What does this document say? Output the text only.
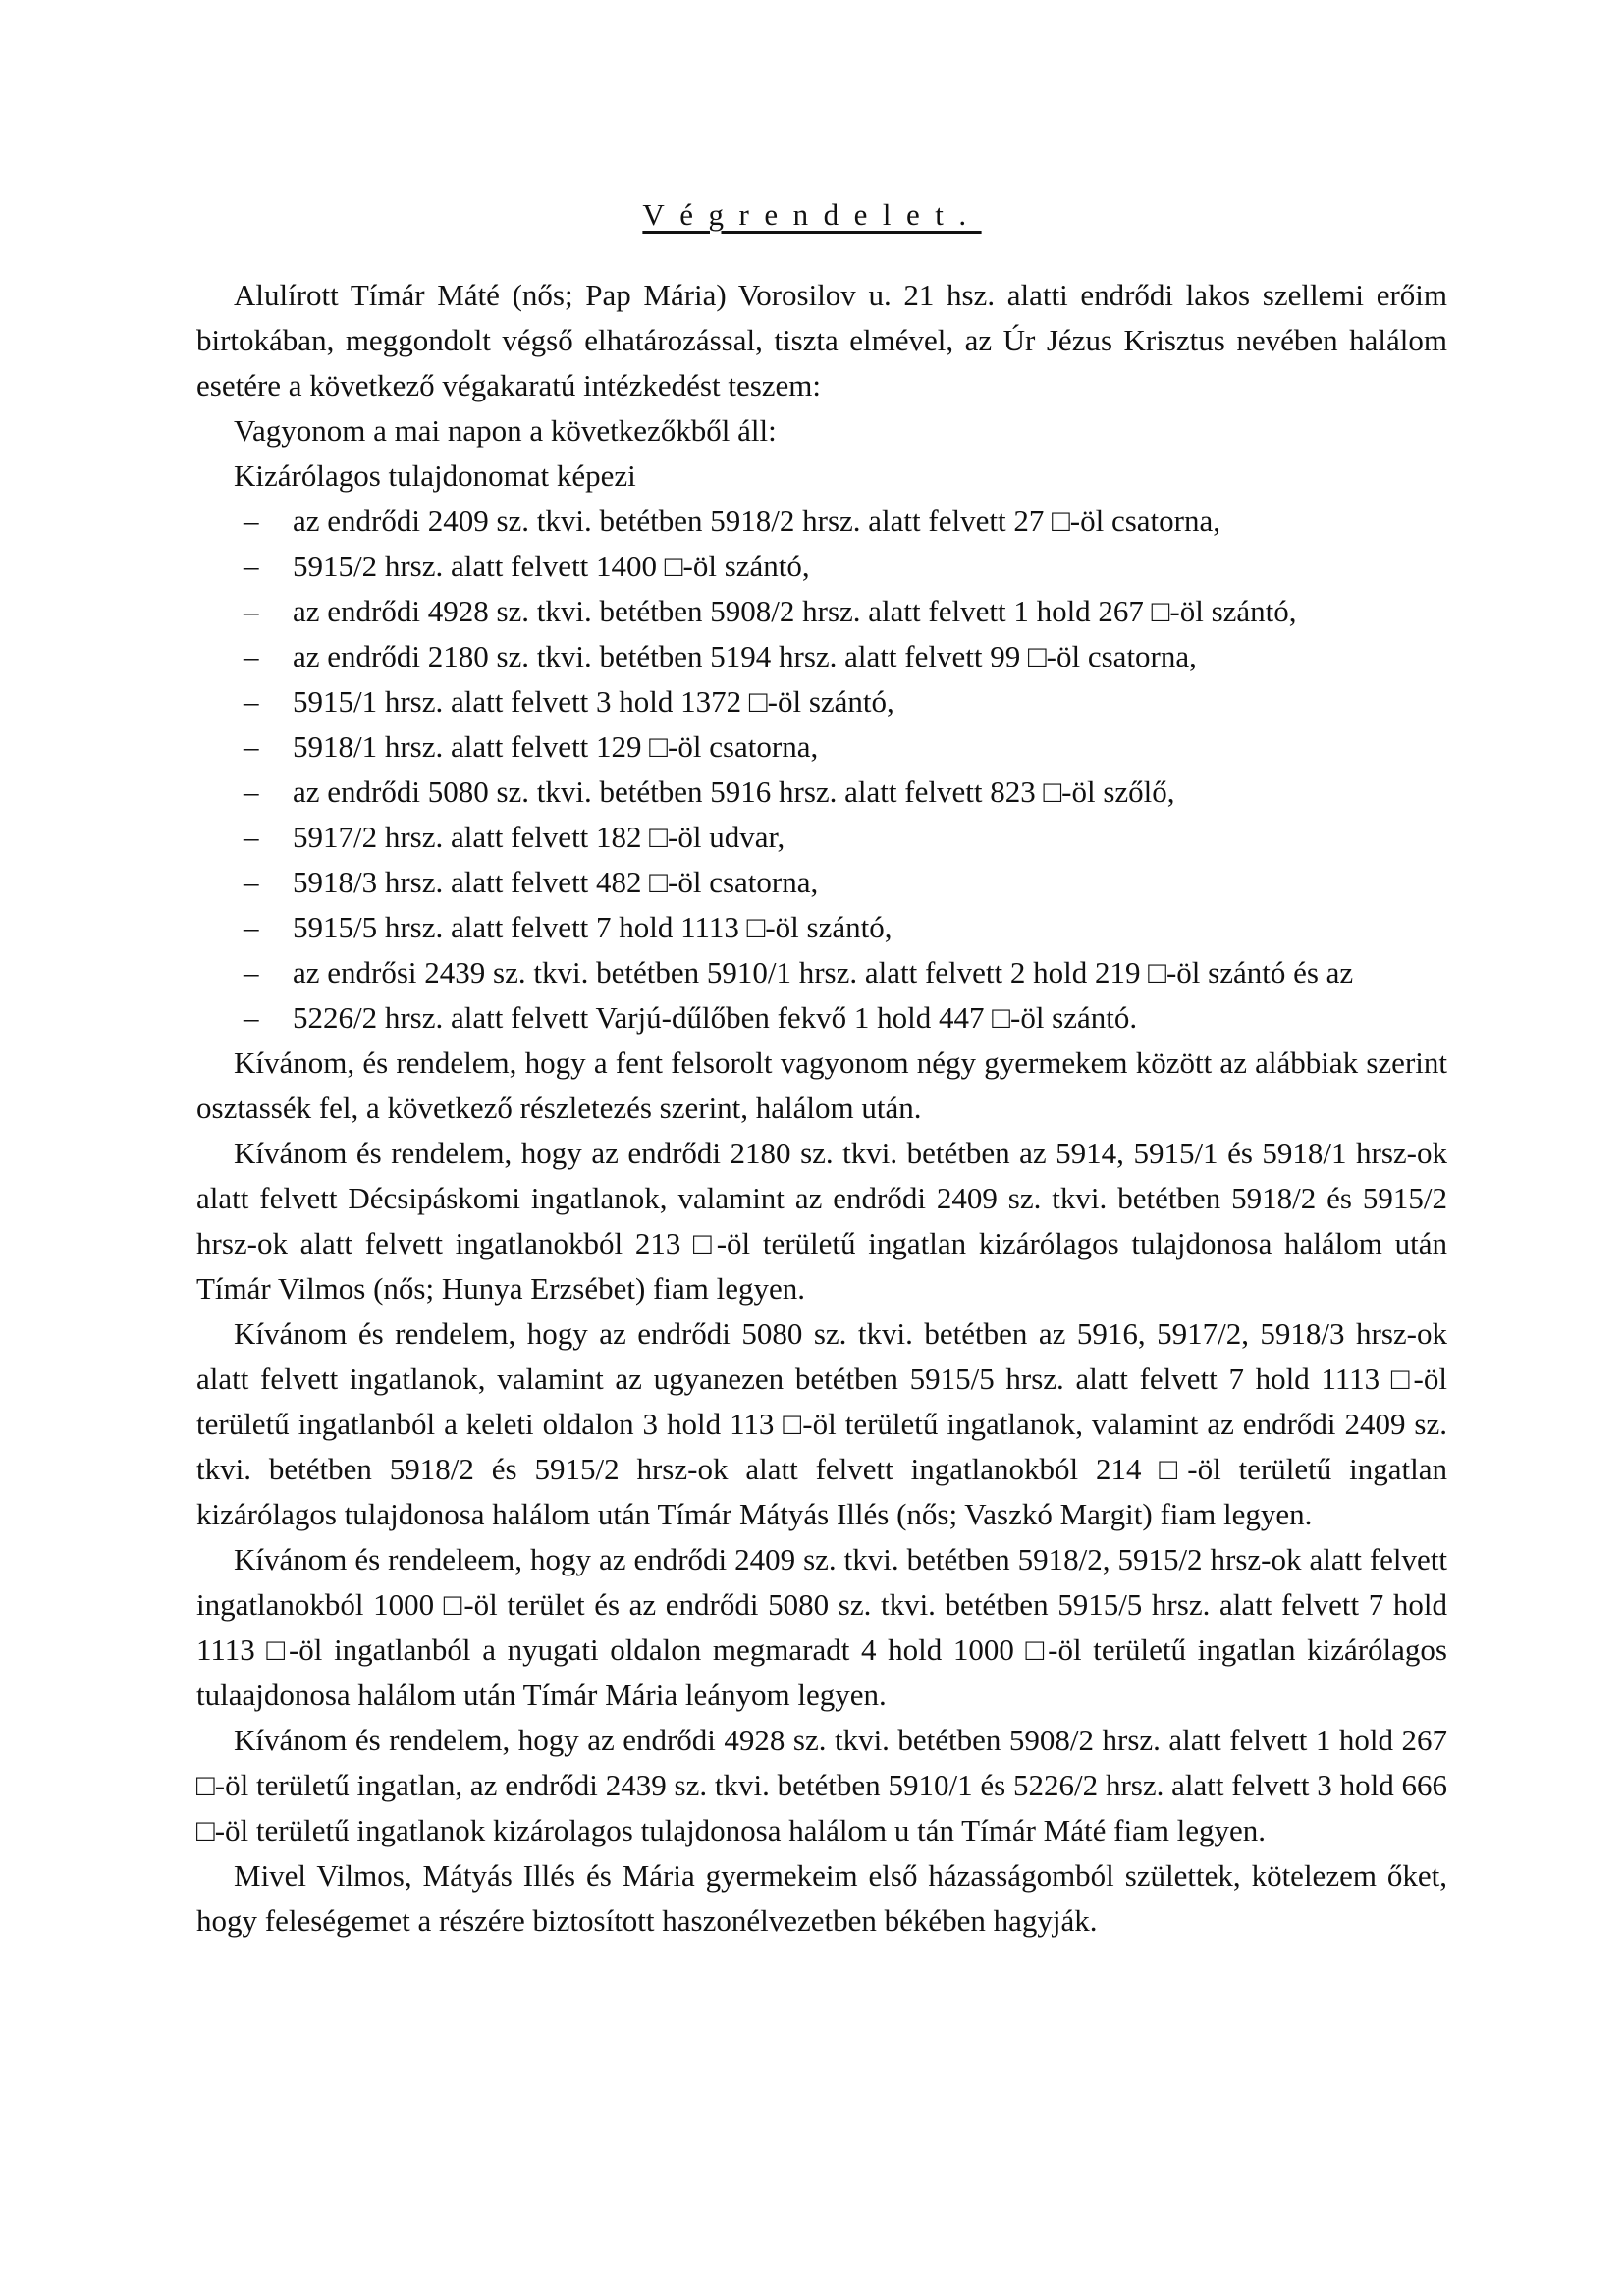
Végrendelet.

Alulírott Tímár Máté (nős; Pap Mária) Vorosilov u. 21 hsz. alatti endrődi lakos szellemi erőim birtokában, meggondolt végső elhatározással, tiszta elmével, az Úr Jézus Krisztus nevében halálom esetére a következő végakaratú intézkedést teszem:

Vagyonom a mai napon a következőkből áll:

Kizárólagos tulajdonomat képezi

– az endrődi 2409 sz. tkvi. betétben 5918/2 hrsz. alatt felvett 27 □-öl csatorna,
– 5915/2 hrsz. alatt felvett 1400 □-öl szántó,
– az endrődi 4928 sz. tkvi. betétben 5908/2 hrsz. alatt felvett 1 hold 267 □-öl szántó,
– az endrődi 2180 sz. tkvi. betétben 5194 hrsz. alatt felvett 99 □-öl csatorna,
– 5915/1 hrsz. alatt felvett 3 hold 1372 □-öl szántó,
– 5918/1 hrsz. alatt felvett 129 □-öl csatorna,
– az endrődi 5080 sz. tkvi. betétben 5916 hrsz. alatt felvett 823 □-öl szőlő,
– 5917/2 hrsz. alatt felvett 182 □-öl udvar,
– 5918/3 hrsz. alatt felvett 482 □-öl csatorna,
– 5915/5 hrsz. alatt felvett 7 hold 1113 □-öl szántó,
– az endrősi 2439 sz. tkvi. betétben 5910/1 hrsz. alatt felvett 2 hold 219 □-öl szántó és az
– 5226/2 hrsz. alatt felvett Varjú-dűlőben fekvő 1 hold 447 □-öl szántó.

Kívánom, és rendelem, hogy a fent felsorolt vagyonom négy gyermekem között az alábbiak szerint osztassék fel, a következő részletezés szerint, halálom után.

Kívánom és rendelem, hogy az endrődi 2180 sz. tkvi. betétben az 5914, 5915/1 és 5918/1 hrsz-ok alatt felvett Décsipáskomi ingatlanok, valamint az endrődi 2409 sz. tkvi. betétben 5918/2 és 5915/2 hrsz-ok alatt felvett ingatlanokból 213 □-öl területű ingatlan kizárólagos tulajdonosa halálom után Tímár Vilmos (nős; Hunya Erzsébet) fiam legyen.

Kívánom és rendelem, hogy az endrődi 5080 sz. tkvi. betétben az 5916, 5917/2, 5918/3 hrsz-ok alatt felvett ingatlanok, valamint az ugyanezen betétben 5915/5 hrsz. alatt felvett 7 hold 1113 □-öl területű ingatlanból a keleti oldalon 3 hold 113 □-öl területű ingatlanok, valamint az endrődi 2409 sz. tkvi. betétben 5918/2 és 5915/2 hrsz-ok alatt felvett ingatlanokból 214 □-öl területű ingatlan kizárólagos tulajdonosa halálom után Tímár Mátyás Illés (nős; Vaszkó Margit) fiam legyen.

Kívánom és rendeleem, hogy az endrődi 2409 sz. tkvi. betétben 5918/2, 5915/2 hrsz-ok alatt felvett ingatlanokból 1000 □-öl terület és az endrődi 5080 sz. tkvi. betétben 5915/5 hrsz. alatt felvett 7 hold 1113 □-öl ingatlanból a nyugati oldalon megmaradt 4 hold 1000 □-öl területű ingatlan kizárólagos tulaajdonosa halálom után Tímár Mária leányom legyen.

Kívánom és rendelem, hogy az endrődi 4928 sz. tkvi. betétben 5908/2 hrsz. alatt felvett 1 hold 267 □-öl területű ingatlan, az endrődi 2439 sz. tkvi. betétben 5910/1 és 5226/2 hrsz. alatt felvett 3 hold 666 □-öl területű ingatlanok kizárolagos tulajdonosa halálom u tán Tímár Máté fiam legyen.

Mivel Vilmos, Mátyás Illés és Mária gyermekeim első házasságomból születtek, kötelezem őket, hogy feleségemet a részére biztosított haszonélvezetben békében hagyják.
